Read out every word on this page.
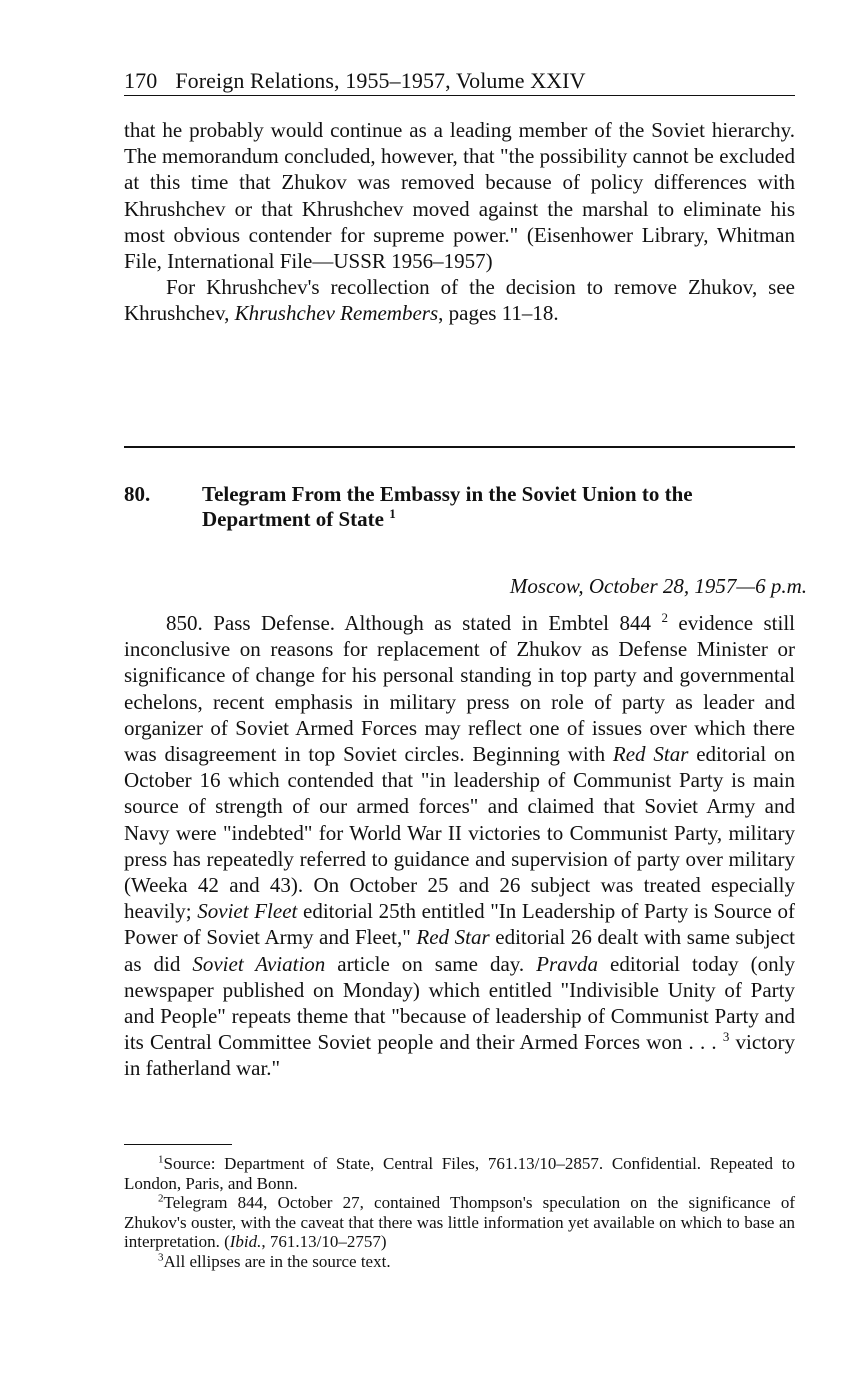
170 Foreign Relations, 1955–1957, Volume XXIV

that he probably would continue as a leading member of the Soviet hierarchy. The memorandum concluded, however, that "the possibility cannot be excluded at this time that Zhukov was removed because of policy differences with Khrushchev or that Khrushchev moved against the marshal to eliminate his most obvious contender for supreme power." (Eisenhower Library, Whitman File, International File—USSR 1956–1957)

For Khrushchev's recollection of the decision to remove Zhukov, see Khrushchev, Khrushchev Remembers, pages 11–18.

80. Telegram From the Embassy in the Soviet Union to the Department of State $^1$
Moscow, October 28, 1957—6 p.m.

850. Pass Defense. Although as stated in Embtel 844 $^2$ evidence still inconclusive on reasons for replacement of Zhukov as Defense Minister or significance of change for his personal standing in top party and governmental echelons, recent emphasis in military press on role of party as leader and organizer of Soviet Armed Forces may reflect one of issues over which there was disagreement in top Soviet circles. Beginning with Red Star editorial on October 16 which contended that "in leadership of Communist Party is main source of strength of our armed forces" and claimed that Soviet Army and Navy were "indebted" for World War II victories to Communist Party, military press has repeatedly referred to guidance and supervision of party over military (Weeka 42 and 43). On October 25 and 26 subject was treated especially heavily; Soviet Fleet editorial 25th entitled "In Leadership of Party is Source of Power of Soviet Army and Fleet," Red Star editorial 26 dealt with same subject as did Soviet Aviation article on same day. Pravda editorial today (only newspaper published on Monday) which entitled "Indivisible Unity of Party and People" repeats theme that "because of leadership of Communist Party and its Central Committee Soviet people and their Armed Forces won . . . $^3$ victory in fatherland war."

$^1$Source: Department of State, Central Files, 761.13/10–2857. Confidential. Repeated to London, Paris, and Bonn.

$^2$Telegram 844, October 27, contained Thompson's speculation on the significance of Zhukov's ouster, with the caveat that there was little information yet available on which to base an interpretation. (Ibid., 761.13/10–2757)

$^3$All ellipses are in the source text.
